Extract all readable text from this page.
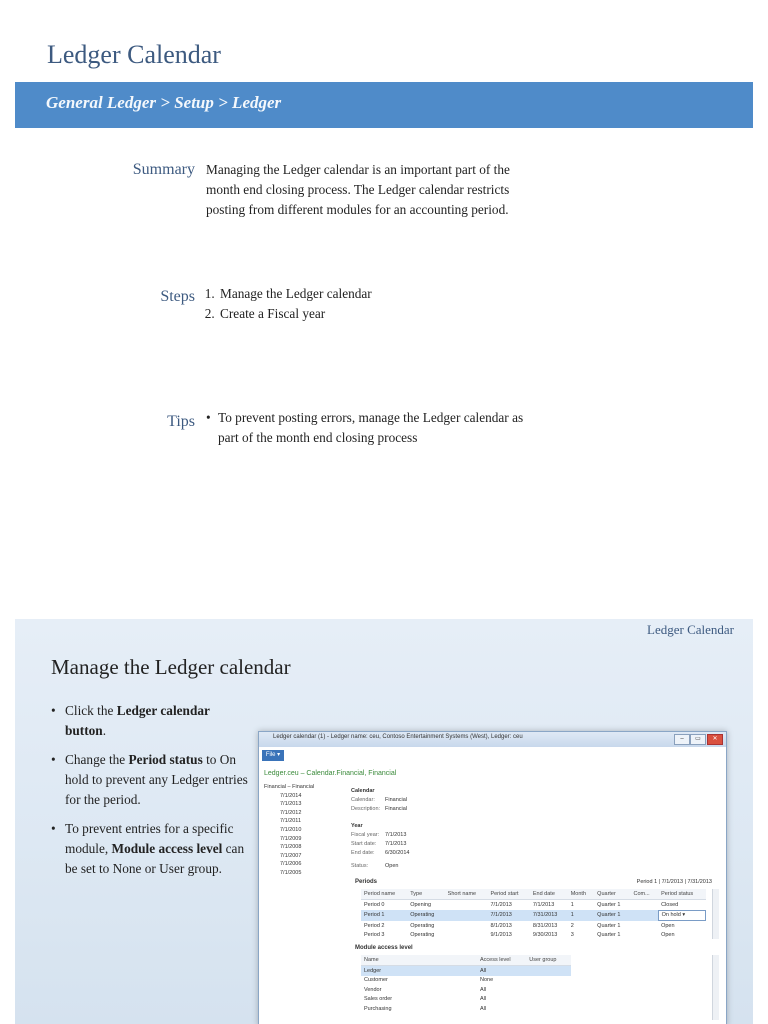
Ledger Calendar
General Ledger > Setup > Ledger
Summary Managing the Ledger calendar is an important part of the
month end closing process. The Ledger calendar restricts
posting from different modules for an accounting period.
Steps 1. Manage the Ledger calendar
2. Create a Fiscal year
Tips • To prevent posting errors, manage the Ledger calendar as
part of the month end closing process
Ledger Calendar
Manage the Ledger calendar
• Click the Ledger calendar button.
• Change the Period status to On hold to prevent any Ledger entries for the period.
• To prevent entries for a specific module, Module access level can be set to None or User group.
Ledger calendar (1) - Ledger name: ceu, Contoso Entertainment Systems (West), Ledger: ceu	–	▭	✕
File ▾
Ledger.ceu – Calendar.Financial, Financial
Financial – Financial
7/1/2014
7/1/2013
7/1/2012
7/1/2011
7/1/2010
7/1/2009
7/1/2008
7/1/2007
7/1/2006
7/1/2005
Calendar
Calendar: Financial
Description: Financial
Year
Fiscal year: 7/1/2013
Start date: 7/1/2013
End date: 6/30/2014
Status:	Open
Periods	Period 1 | 7/1/2013 | 7/31/2013
Period name	Type	Short name	Period start	End date	Month	Quarter	Com...	Period status
Period 0	Opening		7/1/2013	7/1/2013	1	Quarter 1		Closed
Period 1	Operating		7/1/2013	7/31/2013	1	Quarter 1		On hold ▾
Period 2	Operating		8/1/2013	8/31/2013	2	Quarter 1		Open
Period 3	Operating		9/1/2013	9/30/2013	3	Quarter 1		Open
Module access level
Name	Access level	User group
Ledger	All	
Customer	None	
Vendor	All	
Sales order	All	
Purchasing	All	
